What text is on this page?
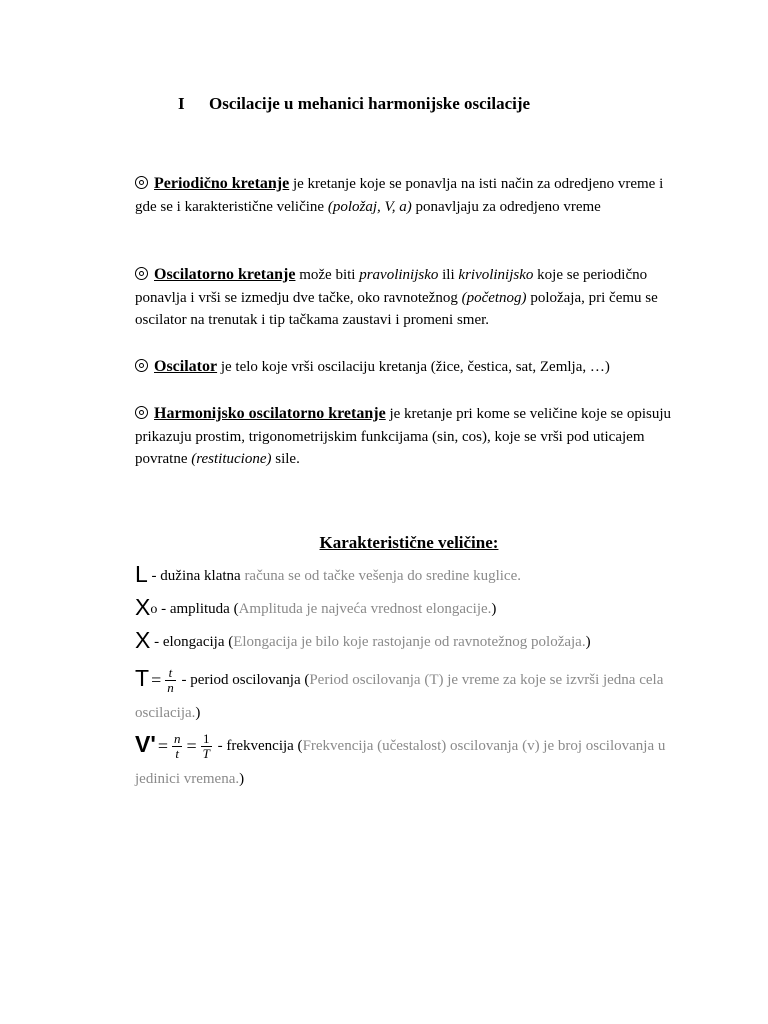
I Oscilacije u mehanici harmonijske oscilacije
Periodično kretanje je kretanje koje se ponavlja na isti način za odredjeno vreme i gde se i karakteristične veličine (položaj, V, a) ponavljaju za odredjeno vreme
Oscilatorno kretanje može biti pravolinijsko ili krivolinijsko koje se periodično ponavlja i vrši se izmedju dve tačke, oko ravnotežnog (početnog) položaja, pri čemu se oscilator na trenutak i tip tačkama zaustavi i promeni smer.
Oscilator je telo koje vrši oscilaciju kretanja (žice, čestica, sat, Zemlja, …)
Harmonijsko oscilatorno kretanje je kretanje pri kome se veličine koje se opisuju prikazuju prostim, trigonometrijskim funkcijama (sin, cos), koje se vrši pod uticajem povratne (restitucione) sile.
Karakteristične veličine:
L - dužina klatna računa se od tačke vešenja do sredine kuglice.
Xo - amplituda (Amplituda je najveća vrednost elongacije.)
X - elongacija (Elongacija je bilo koje rastojanje od ravnotežnog položaja.)
$T = \frac{t}{n}$ - period oscilovanja (Period oscilovanja (T) je vreme za koje se izvrši jedna cela oscilacija.)
$V' = \frac{n}{t} = \frac{1}{T}$ - frekvencija (Frekvencija (učestalost) oscilovanja (v) je broj oscilovanja u jedinici vremena.)
